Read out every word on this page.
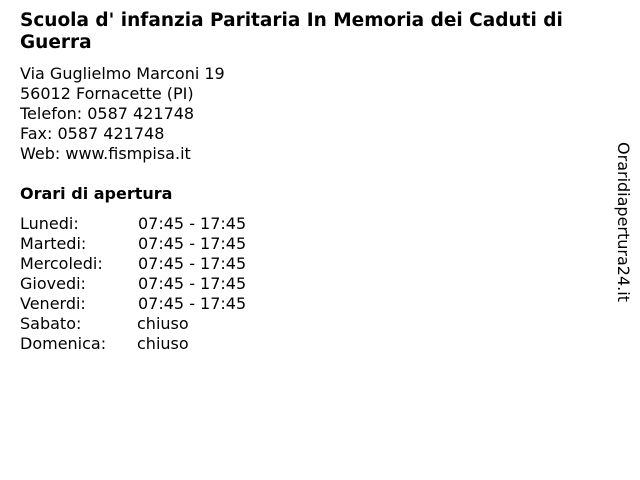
Scuola d' infanzia Paritaria In Memoria dei Caduti di Guerra
Via Guglielmo Marconi 19
56012 Fornacette (PI)
Telefon: 0587 421748
Fax: 0587 421748
Web: www.fismpisa.it
Orari di apertura
Lunedi:	07:45 - 17:45
Martedi:	07:45 - 17:45
Mercoledi:	07:45 - 17:45
Giovedi:	07:45 - 17:45
Venerdi:	07:45 - 17:45
Sabato:	chiuso
Domenica:	chiuso
Oraridiapertura24.it
